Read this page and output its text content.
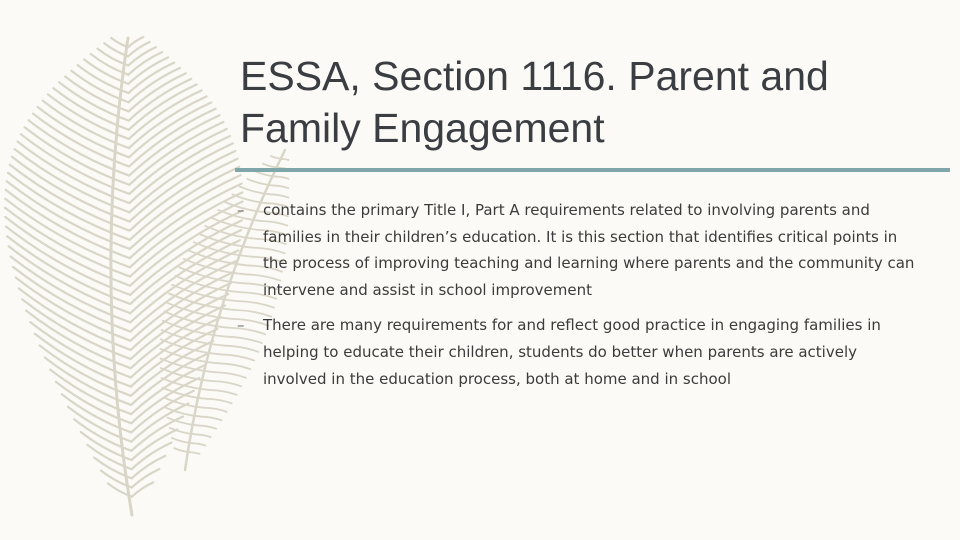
ESSA, Section 1116. Parent and Family Engagement
– contains the primary Title I, Part A requirements related to involving parents and families in their children’s education. It is this section that identifies critical points in the process of improving teaching and learning where parents and the community can intervene and assist in school improvement
– There are many requirements for and reflect good practice in engaging families in helping to educate their children, students do better when parents are actively involved in the education process, both at home and in school
